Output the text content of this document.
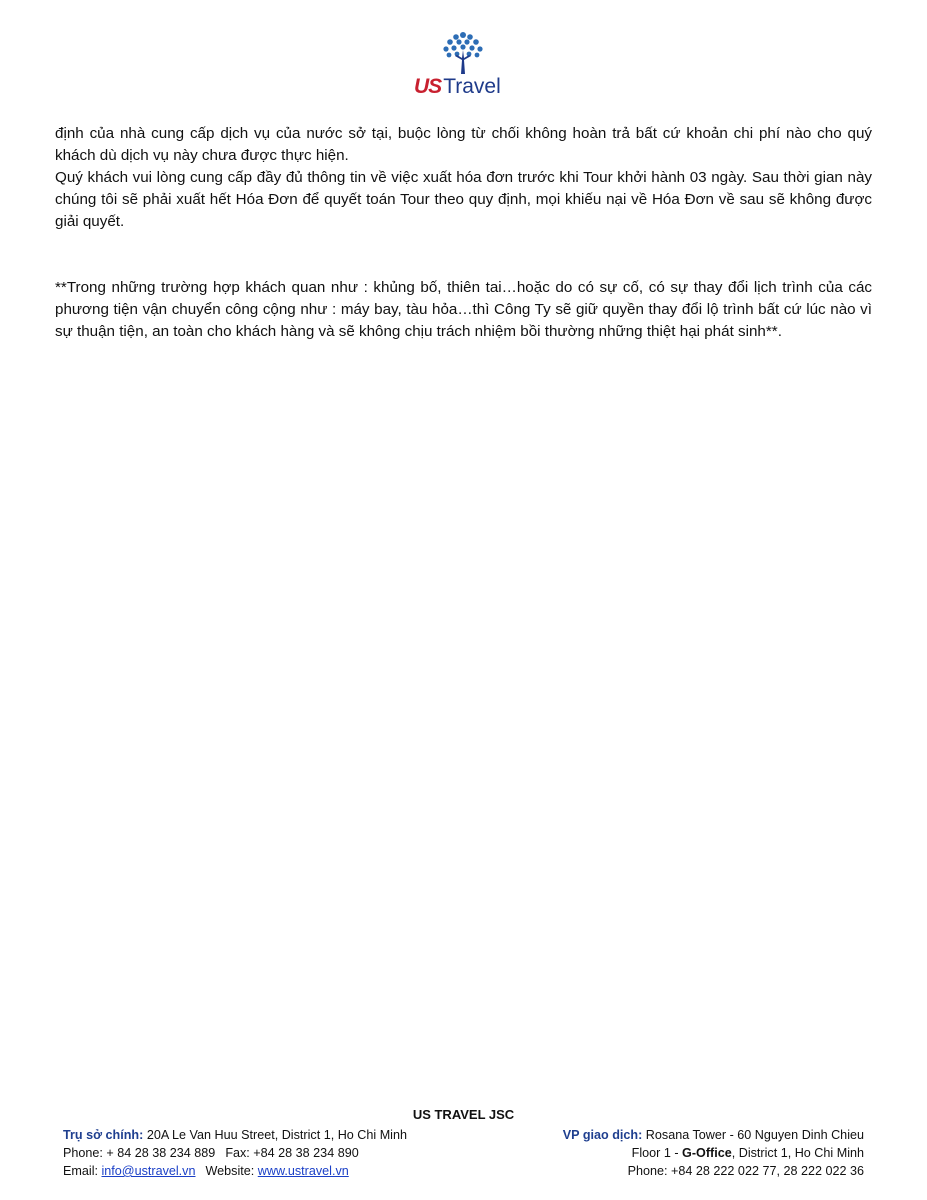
USTravel

định của nhà cung cấp dịch vụ của nước sở tại, buộc lòng từ chối không hoàn trả bất cứ khoản chi phí nào cho quý khách dù dịch vụ này chưa được thực hiện.

Quý khách vui lòng cung cấp đầy đủ thông tin về việc xuất hóa đơn trước khi Tour khởi hành 03 ngày. Sau thời gian này chúng tôi sẽ phải xuất hết Hóa Đơn để quyết toán Tour theo quy định, mọi khiếu nại về Hóa Đơn về sau sẽ không được giải quyết.

**Trong những trường hợp khách quan như : khủng bố, thiên tai…hoặc do có sự cố, có sự thay đổi lịch trình của các phương tiện vận chuyển công cộng như : máy bay, tàu hỏa…thì Công Ty sẽ giữ quyền thay đổi lộ trình bất cứ lúc nào vì sự thuận tiện, an toàn cho khách hàng và sẽ không chịu trách nhiệm bồi thường những thiệt hại phát sinh**.

US TRAVEL JSC
Trụ sở chính: 20A Le Van Huu Street, District 1, Ho Chi Minh
Phone: + 84 28 38 234 889 Fax: +84 28 38 234 890
Email: info@ustravel.vn Website: www.ustravel.vn
VP giao dịch: Rosana Tower - 60 Nguyen Dinh Chieu
Floor 1 - G-Office, District 1, Ho Chi Minh
Phone: +84 28 222 022 77, 28 222 022 36
